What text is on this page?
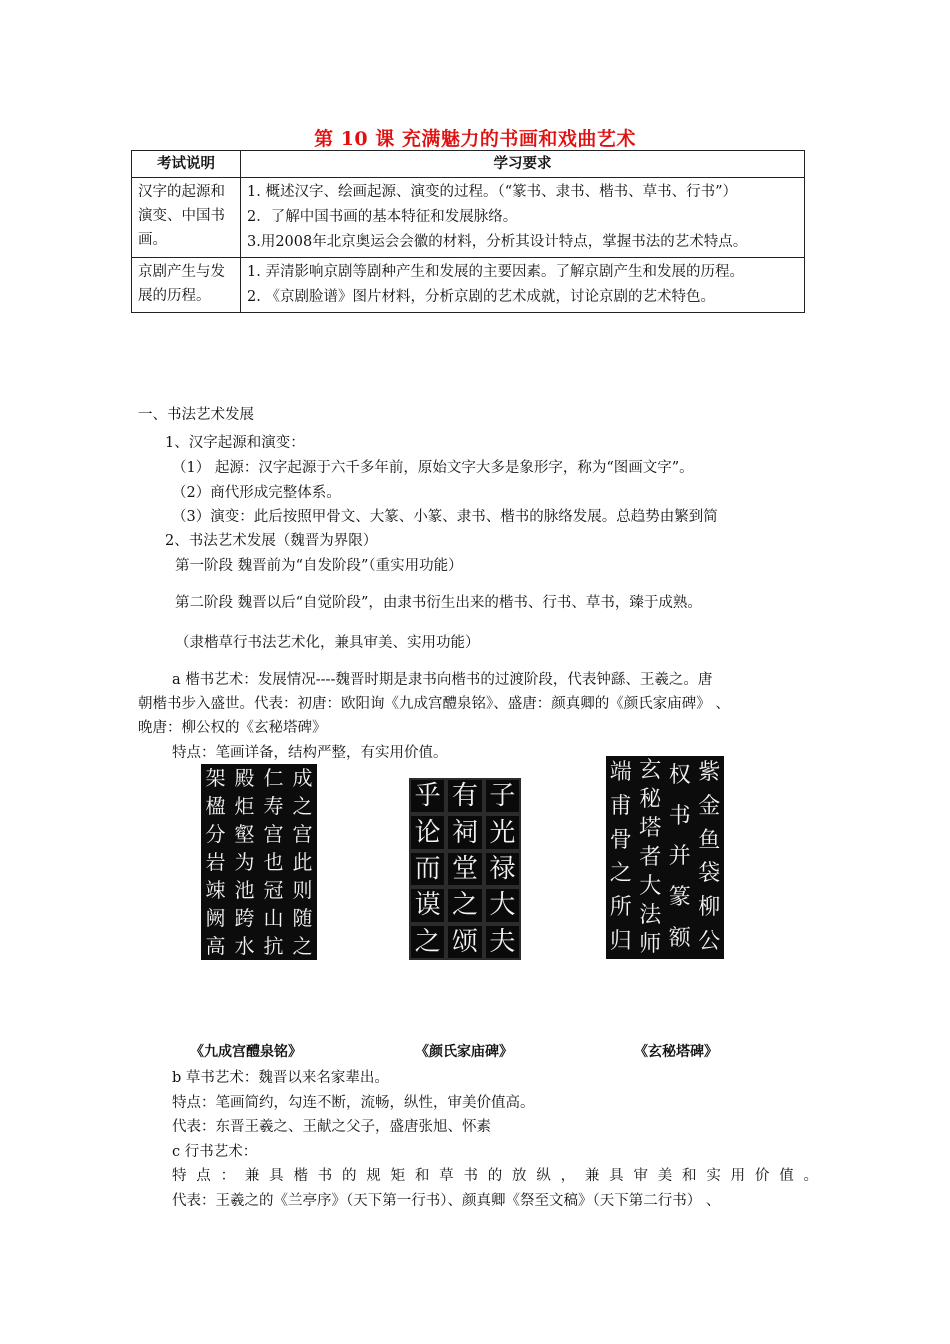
第 10 课 充满魅力的书画和戏曲艺术
考试说明	学习要求
汉字的起源和演变、中国书画。	1. 概述汉字、绘画起源、演变的过程。（“篆书、隶书、楷书、草书、行书”）
2．了解中国书画的基本特征和发展脉络。
3.用2008年北京奥运会会徽的材料，分析其设计特点，掌握书法的艺术特点。

京剧产生与发展的历程。	1. 弄清影响京剧等剧种产生和发展的主要因素。了解京剧产生和发展的历程。
2. 《京剧脸谱》图片材料，分析京剧的艺术成就，讨论京剧的艺术特色。
一、书法艺术发展
1、汉字起源和演变：
（1） 起源：汉字起源于六千多年前，原始文字大多是象形字，称为“图画文字”。
（2）商代形成完整体系。
（3）演变：此后按照甲骨文、大篆、小篆、隶书、楷书的脉络发展。总趋势由繁到简
2、书法艺术发展（魏晋为界限）
第一阶段 魏晋前为“自发阶段”（重实用功能）
第二阶段 魏晋以后“自觉阶段”，由隶书衍生出来的楷书、行书、草书，臻于成熟。
（隶楷草行书法艺术化，兼具审美、实用功能）
a 楷书艺术：发展情况----魏晋时期是隶书向楷书的过渡阶段，代表钟繇、王羲之。唐
朝楷书步入盛世。代表：初唐：欧阳询《九成宫醴泉铭》、盛唐：颜真卿的《颜氏家庙碑》 、
晚唐：柳公权的《玄秘塔碑》
特点：笔画详备，结构严整，有实用价值。
成
之
宫
此
则
随
之
仁
寿
宫
也
冠
山
抗
殿
炬
壑
为
池
跨
水
架
楹
分
岩
竦
阙
高
子
光
禄
大
夫
有
祠
堂
之
颂
乎
论
而
谟
之
紫
金
鱼
袋
柳
公
权
书
并
篆
额
玄
秘
塔
者
大
法
师
端
甫
骨
之
所
归
《九成宫醴泉铭》	《颜氏家庙碑》	《玄秘塔碑》
b 草书艺术：魏晋以来名家辈出。
特点：笔画简约，勾连不断，流畅，纵性，审美价值高。
代表：东晋王羲之、王献之父子，盛唐张旭、怀素
c 行书艺术：
特 点 ： 兼 具 楷 书 的 规 矩 和 草 书 的 放 纵 ， 兼 具 审 美 和 实 用 价 值 。
代表：王羲之的《兰亭序》（天下第一行书）、颜真卿《祭至文稿》（天下第二行书） 、
